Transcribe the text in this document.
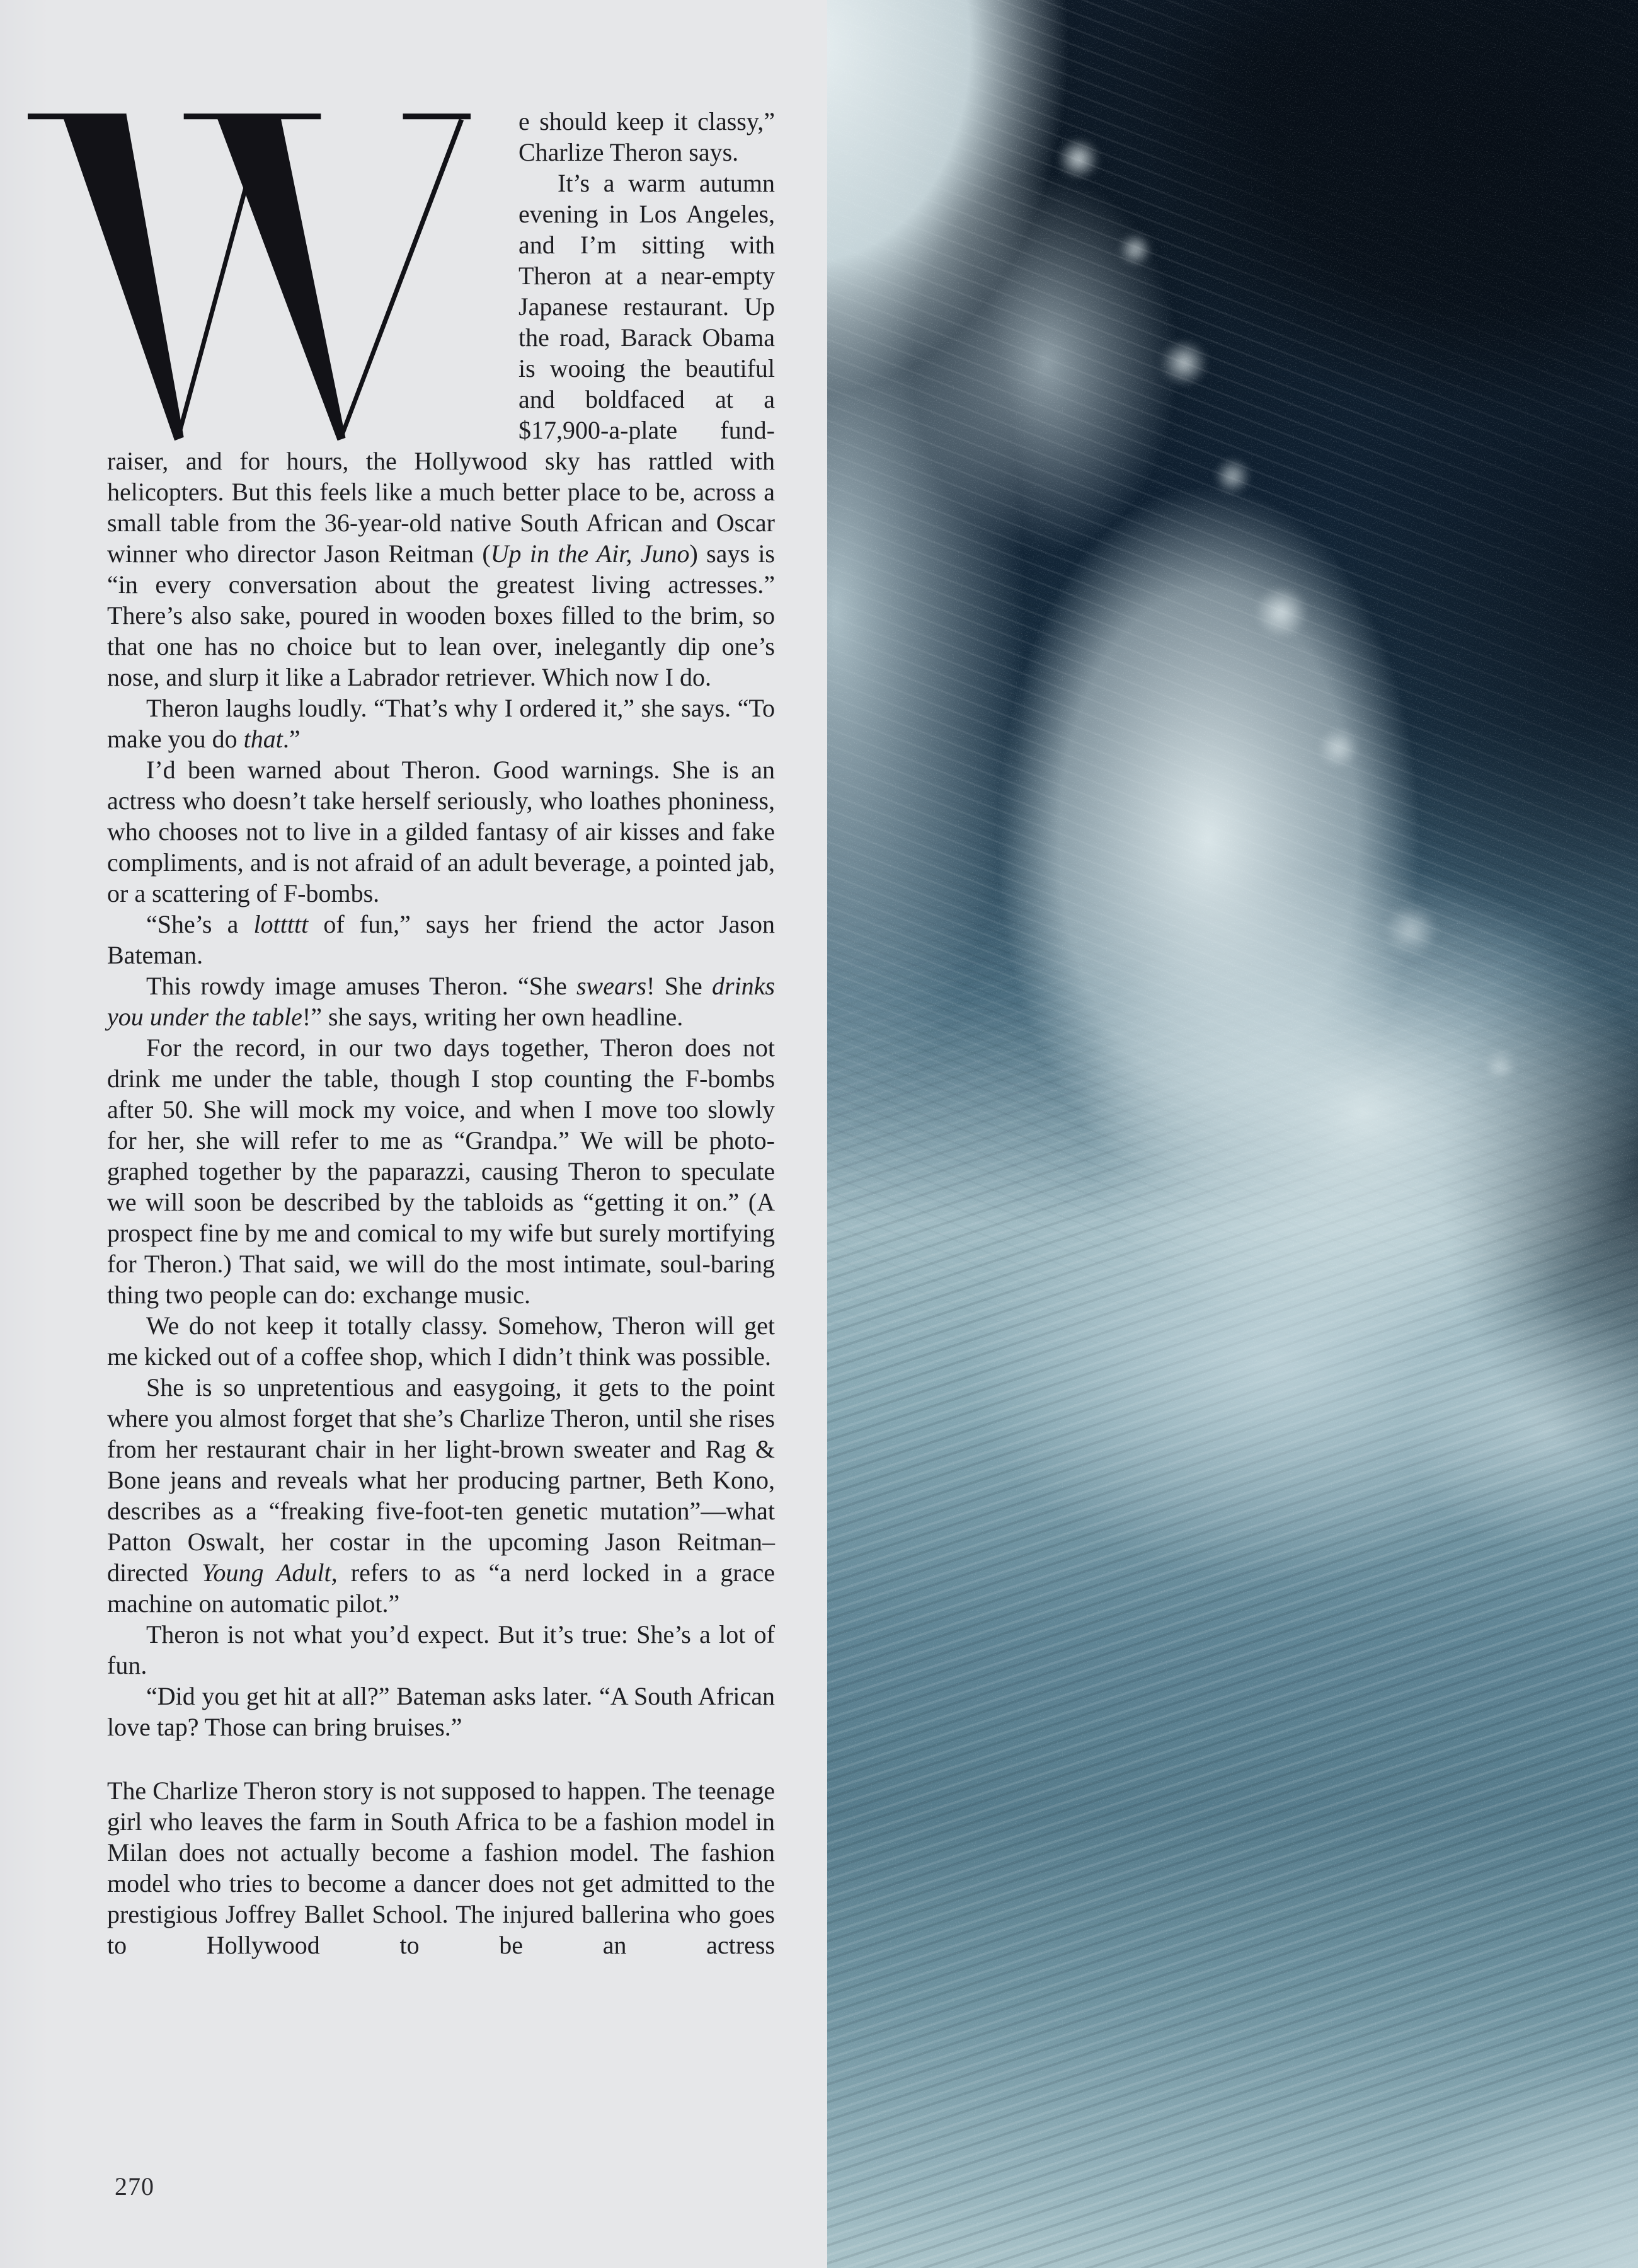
e should keep it classy,” Charlize Theron says.

It’s a warm autumn evening in Los Angeles, and I’m sitting with Theron at a near-empty Japanese restaurant. Up the road, Barack Obama is wooing the beautiful and boldfaced at a $17,900-a-plate fund-raiser, and for hours, the Hollywood sky has rattled with helicopters. But this feels like a much better place to be, across a small table from the 36-year-old native South African and Oscar winner who director Jason Reitman (Up in the Air, Juno) says is “in every conversation about the greatest living actresses.” There’s also sake, poured in wooden boxes filled to the brim, so that one has no choice but to lean over, inelegantly dip one’s nose, and slurp it like a Labrador retriever. Which now I do.

Theron laughs loudly. “That’s why I ordered it,” she says. “To make you do that.”

I’d been warned about Theron. Good warnings. She is an actress who doesn’t take herself seriously, who loathes phoniness, who chooses not to live in a gilded fantasy of air kisses and fake compliments, and is not afraid of an adult beverage, a pointed jab, or a scattering of F-bombs.

“She’s a lottttt of fun,” says her friend the actor Jason Bateman.

This rowdy image amuses Theron. “She swears! She drinks you under the table!” she says, writing her own headline.

For the record, in our two days together, Theron does not drink me under the table, though I stop counting the F-bombs after 50. She will mock my voice, and when I move too slowly for her, she will refer to me as “Grandpa.” We will be photographed together by the paparazzi, causing Theron to speculate we will soon be described by the tabloids as “getting it on.” (A prospect fine by me and comical to my wife but surely mortifying for Theron.) That said, we will do the most intimate, soul-baring thing two people can do: exchange music.

We do not keep it totally classy. Somehow, Theron will get me kicked out of a coffee shop, which I didn’t think was possible.

She is so unpretentious and easygoing, it gets to the point where you almost forget that she’s Charlize Theron, until she rises from her restaurant chair in her light-brown sweater and Rag & Bone jeans and reveals what her producing partner, Beth Kono, describes as a “freaking five-foot-ten genetic mutation”—what Patton Oswalt, her costar in the upcoming Jason Reitman–directed Young Adult, refers to as “a nerd locked in a grace machine on automatic pilot.”

Theron is not what you’d expect. But it’s true: She’s a lot of fun.

“Did you get hit at all?” Bateman asks later. “A South African love tap? Those can bring bruises.”

The Charlize Theron story is not supposed to happen. The teenage girl who leaves the farm in South Africa to be a fashion model in Milan does not actually become a fashion model. The fashion model who tries to become a dancer does not get admitted to the prestigious Joffrey Ballet School. The injured ballerina who goes to Hollywood to be an actress

270
